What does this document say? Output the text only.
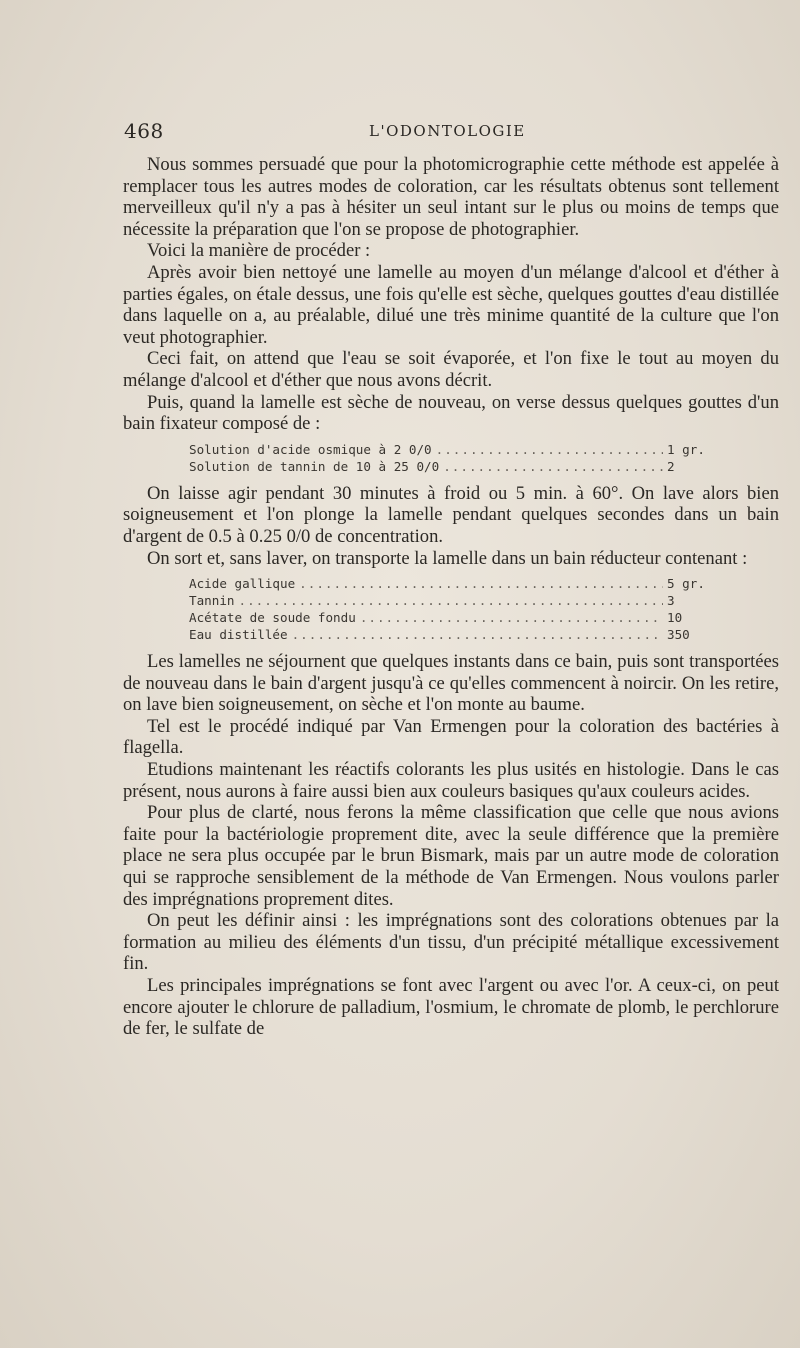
468	L'ODONTOLOGIE

Nous sommes persuadé que pour la photomicrographie cette méthode est appelée à remplacer tous les autres modes de coloration, car les résultats obtenus sont tellement merveilleux qu'il n'y a pas à hésiter un seul intant sur le plus ou moins de temps que nécessite la préparation que l'on se propose de photographier.

Voici la manière de procéder :

Après avoir bien nettoyé une lamelle au moyen d'un mélange d'alcool et d'éther à parties égales, on étale dessus, une fois qu'elle est sèche, quelques gouttes d'eau distillée dans laquelle on a, au préalable, dilué une très minime quantité de la culture que l'on veut photographier.

Ceci fait, on attend que l'eau se soit évaporée, et l'on fixe le tout au moyen du mélange d'alcool et d'éther que nous avons décrit.

Puis, quand la lamelle est sèche de nouveau, on verse dessus quelques gouttes d'un bain fixateur composé de :

Solution d'acide osmique à 2 0/0 .....	1 gr.
Solution de tannin de 10 à 25 0/0 .....	2

On laisse agir pendant 30 minutes à froid ou 5 min. à 60°. On lave alors bien soigneusement et l'on plonge la lamelle pendant quelques secondes dans un bain d'argent de 0.5 à 0.25 0/0 de concentration.

On sort et, sans laver, on transporte la lamelle dans un bain réducteur contenant :

Acide gallique .....	5 gr.
Tannin .....	3
Acétate de soude fondu .....	10
Eau distillée .....	350

Les lamelles ne séjournent que quelques instants dans ce bain, puis sont transportées de nouveau dans le bain d'argent jusqu'à ce qu'elles commencent à noircir. On les retire, on lave bien soigneusement, on sèche et l'on monte au baume.

Tel est le procédé indiqué par Van Ermengen pour la coloration des bactéries à flagella.

Etudions maintenant les réactifs colorants les plus usités en histologie. Dans le cas présent, nous aurons à faire aussi bien aux couleurs basiques qu'aux couleurs acides.

Pour plus de clarté, nous ferons la même classification que celle que nous avions faite pour la bactériologie proprement dite, avec la seule différence que la première place ne sera plus occupée par le brun Bismark, mais par un autre mode de coloration qui se rapproche sensiblement de la méthode de Van Ermengen. Nous voulons parler des imprégnations proprement dites.

On peut les définir ainsi : les imprégnations sont des colorations obtenues par la formation au milieu des éléments d'un tissu, d'un précipité métallique excessivement fin.

Les principales imprégnations se font avec l'argent ou avec l'or. A ceux-ci, on peut encore ajouter le chlorure de palladium, l'osmium, le chromate de plomb, le perchlorure de fer, le sulfate de
